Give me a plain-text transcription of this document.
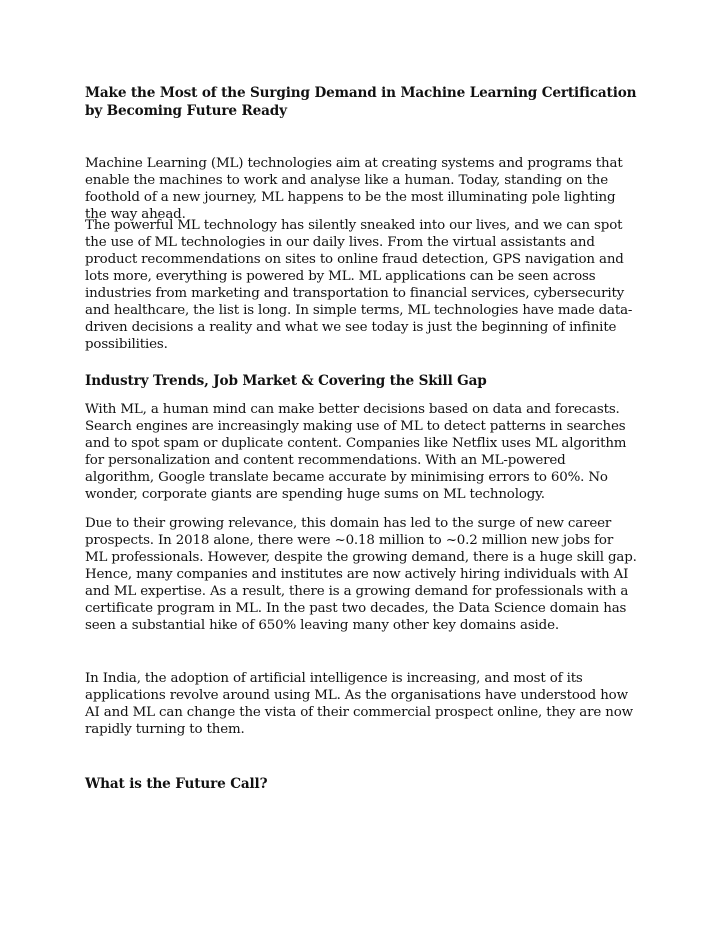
Make the Most of the Surging Demand in Machine Learning Certification by Becoming Future Ready

Machine Learning (ML) technologies aim at creating systems and programs that enable the machines to work and analyse like a human. Today, standing on the foothold of a new journey, ML happens to be the most illuminating pole lighting the way ahead.

The powerful ML technology has silently sneaked into our lives, and we can spot the use of ML technologies in our daily lives. From the virtual assistants and product recommendations on sites to online fraud detection, GPS navigation and lots more, everything is powered by ML. ML applications can be seen across industries from marketing and transportation to financial services, cybersecurity and healthcare, the list is long. In simple terms, ML technologies have made data-driven decisions a reality and what we see today is just the beginning of infinite possibilities.

Industry Trends, Job Market & Covering the Skill Gap

With ML, a human mind can make better decisions based on data and forecasts. Search engines are increasingly making use of ML to detect patterns in searches and to spot spam or duplicate content. Companies like Netflix uses ML algorithm for personalization and content recommendations. With an ML-powered algorithm, Google translate became accurate by minimising errors to 60%. No wonder, corporate giants are spending huge sums on ML technology.

Due to their growing relevance, this domain has led to the surge of new career prospects. In 2018 alone, there were ~0.18 million to ~0.2 million new jobs for ML professionals. However, despite the growing demand, there is a huge skill gap. Hence, many companies and institutes are now actively hiring individuals with AI and ML expertise. As a result, there is a growing demand for professionals with a certificate program in ML. In the past two decades, the Data Science domain has seen a substantial hike of 650% leaving many other key domains aside.

In India, the adoption of artificial intelligence is increasing, and most of its applications revolve around using ML. As the organisations have understood how AI and ML can change the vista of their commercial prospect online, they are now rapidly turning to them.

What is the Future Call?
